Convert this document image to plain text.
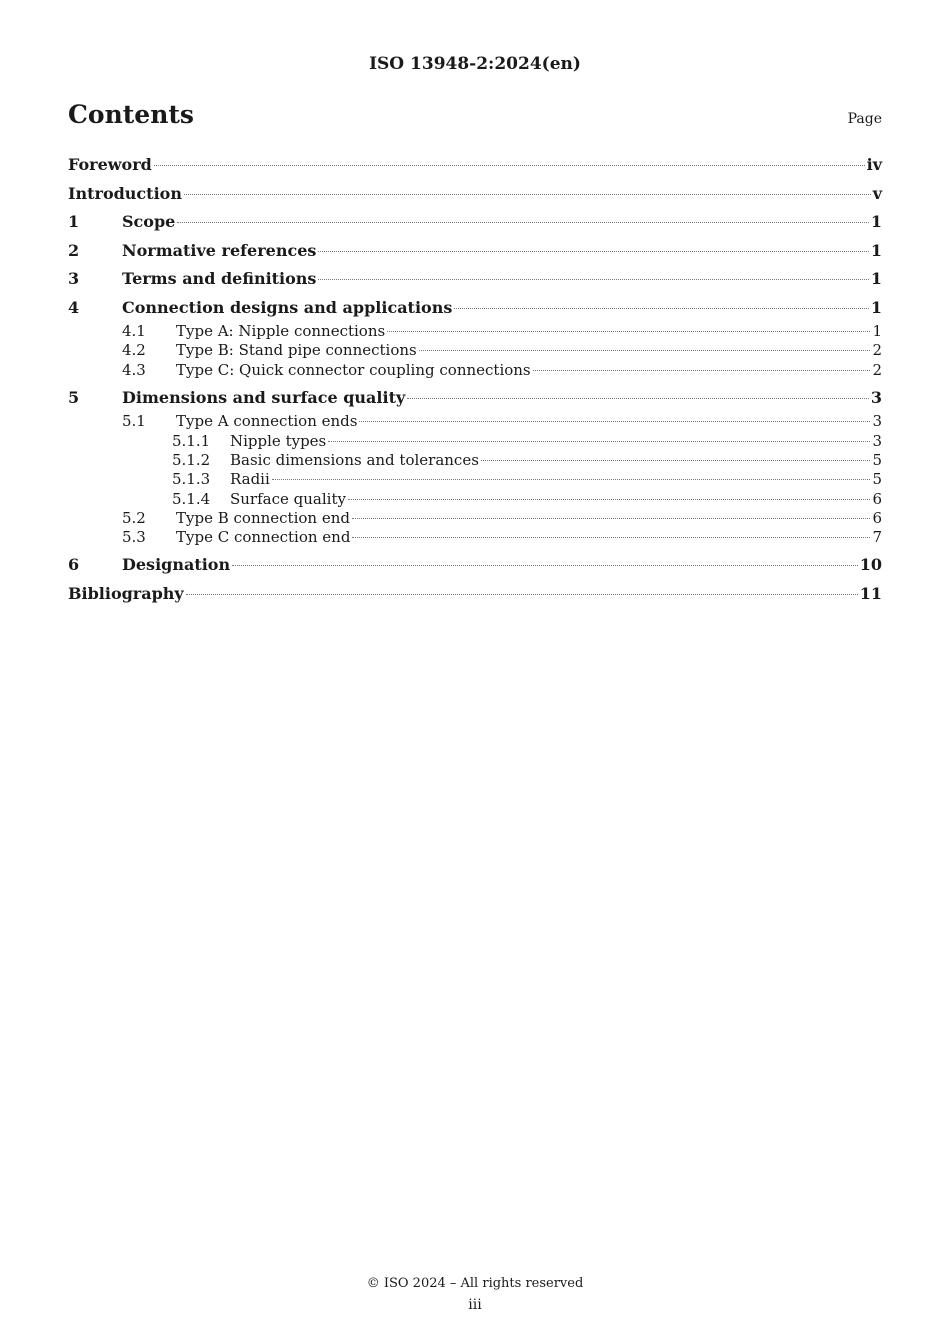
ISO 13948-2:2024(en)
Contents	Page
Foreword	iv
Introduction	v
1	Scope	1
2	Normative references	1
3	Terms and definitions	1
4	Connection designs and applications	1
4.1	Type A: Nipple connections	1
4.2	Type B: Stand pipe connections	2
4.3	Type C: Quick connector coupling connections	2
5	Dimensions and surface quality	3
5.1	Type A connection ends	3
5.1.1	Nipple types	3
5.1.2	Basic dimensions and tolerances	5
5.1.3	Radii	5
5.1.4	Surface quality	6
5.2	Type B connection end	6
5.3	Type C connection end	7
6	Designation	10
Bibliography	11
© ISO 2024 – All rights reserved
iii
